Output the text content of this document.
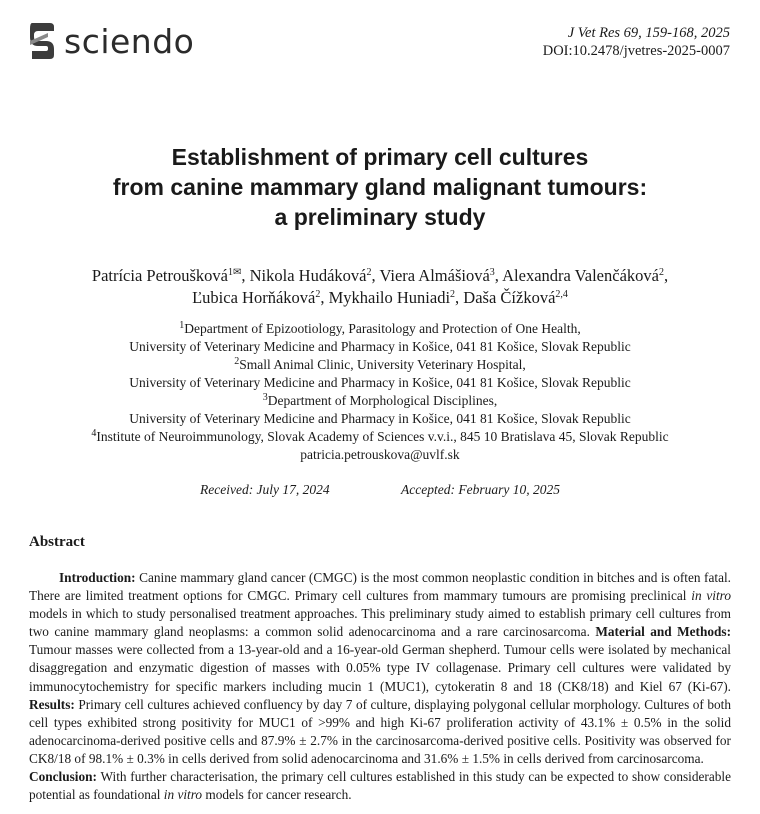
sciendo	J Vet Res 69, 159-168, 2025
DOI:10.2478/jvetres-2025-0007
Establishment of primary cell cultures
from canine mammary gland malignant tumours:
a preliminary study
Patrícia Petroušková$^{1✉}$, Nikola Hudáková$^2$, Viera Almášiová$^3$, Alexandra Valenčáková$^2$,
Ľubica Horňáková$^2$, Mykhailo Huniadi$^2$, Daša Čížková$^{2,4}$
$^1$Department of Epizootiology, Parasitology and Protection of One Health,
University of Veterinary Medicine and Pharmacy in Košice, 041 81 Košice, Slovak Republic
$^2$Small Animal Clinic, University Veterinary Hospital,
University of Veterinary Medicine and Pharmacy in Košice, 041 81 Košice, Slovak Republic
$^3$Department of Morphological Disciplines,
University of Veterinary Medicine and Pharmacy in Košice, 041 81 Košice, Slovak Republic
$^4$Institute of Neuroimmunology, Slovak Academy of Sciences v.v.i., 845 10 Bratislava 45, Slovak Republic
patricia.petrouskova@uvlf.sk
Received: July 17, 2024	Accepted: February 10, 2025
Abstract
Introduction: Canine mammary gland cancer (CMGC) is the most common neoplastic condition in bitches and is often fatal. There are limited treatment options for CMGC. Primary cell cultures from mammary tumours are promising preclinical in vitro models in which to study personalised treatment approaches. This preliminary study aimed to establish primary cell cultures from two canine mammary gland neoplasms: a common solid adenocarcinoma and a rare carcinosarcoma. Material and Methods: Tumour masses were collected from a 13-year-old and a 16-year-old German shepherd. Tumour cells were isolated by mechanical disaggregation and enzymatic digestion of masses with 0.05% type IV collagenase. Primary cell cultures were validated by immunocytochemistry for specific markers including mucin 1 (MUC1), cytokeratin 8 and 18 (CK8/18) and Kiel 67 (Ki-67). Results: Primary cell cultures achieved confluency by day 7 of culture, displaying polygonal cellular morphology. Cultures of both cell types exhibited strong positivity for MUC1 of >99% and high Ki-67 proliferation activity of 43.1% ± 0.5% in the solid adenocarcinoma-derived positive cells and 87.9% ± 2.7% in the carcinosarcoma-derived positive cells. Positivity was observed for CK8/18 of 98.1% ± 0.3% in cells derived from solid adenocarcinoma and 31.6% ± 1.5% in cells derived from carcinosarcoma.
Conclusion: With further characterisation, the primary cell cultures established in this study can be expected to show considerable potential as foundational in vitro models for cancer research.
